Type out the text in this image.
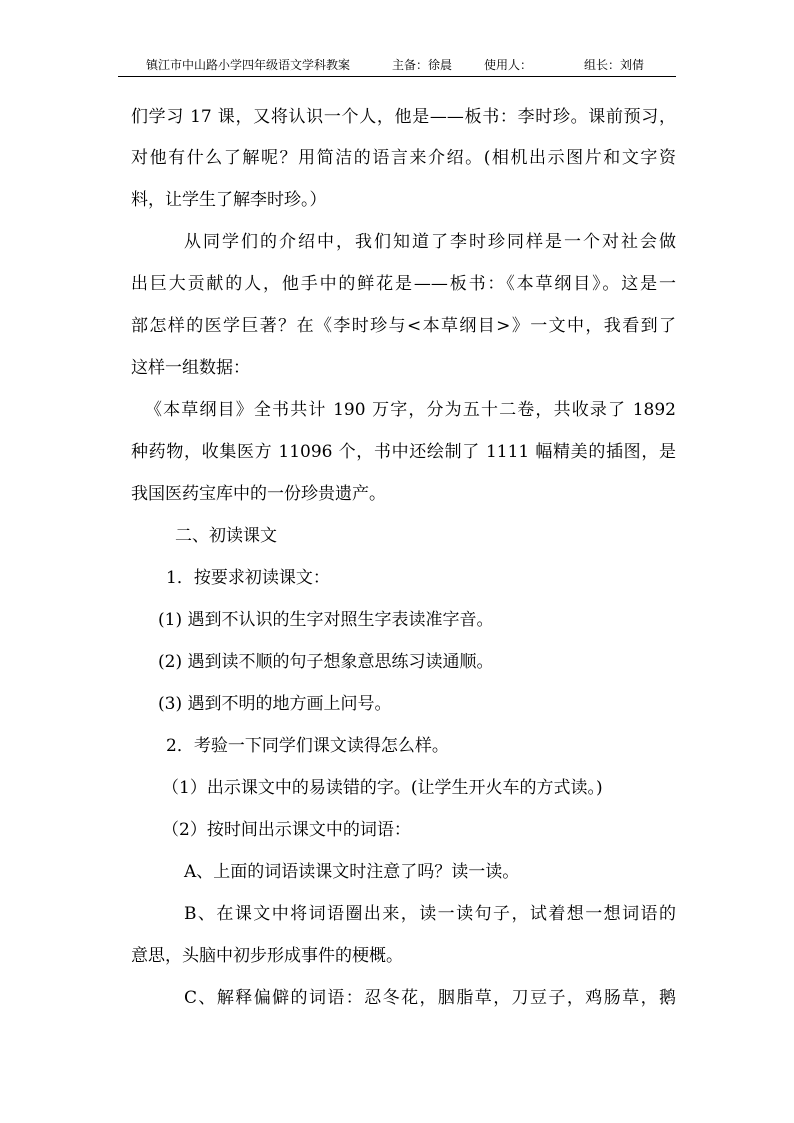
镇江市中山路小学四年级语文学科教案	主备：徐晨	使用人：	组长：刘倩
们学习 17 课，又将认识一个人，他是——板书：李时珍。课前预习，
对他有什么了解呢？用简洁的语言来介绍。(相机出示图片和文字资
料，让学生了解李时珍。）
从同学们的介绍中，我们知道了李时珍同样是一个对社会做
出巨大贡献的人，他手中的鲜花是——板书：《本草纲目》。这是一
部怎样的医学巨著？在《李时珍与<本草纲目>》一文中，我看到了
这样一组数据：
《本草纲目》全书共计 190 万字，分为五十二卷，共收录了 1892
种药物，收集医方 11096 个，书中还绘制了 1111 幅精美的插图，是
我国医药宝库中的一份珍贵遗产。
二、初读课文
1．按要求初读课文：
(1) 遇到不认识的生字对照生字表读准字音。
(2) 遇到读不顺的句子想象意思练习读通顺。
(3) 遇到不明的地方画上问号。
2．考验一下同学们课文读得怎么样。
（1）出示课文中的易读错的字。(让学生开火车的方式读。)
（2）按时间出示课文中的词语：
A、上面的词语读课文时注意了吗？读一读。
B、在课文中将词语圈出来，读一读句子，试着想一想词语的
意思，头脑中初步形成事件的梗概。
C、解释偏僻的词语：忍冬花，胭脂草，刀豆子，鸡肠草，鹅
